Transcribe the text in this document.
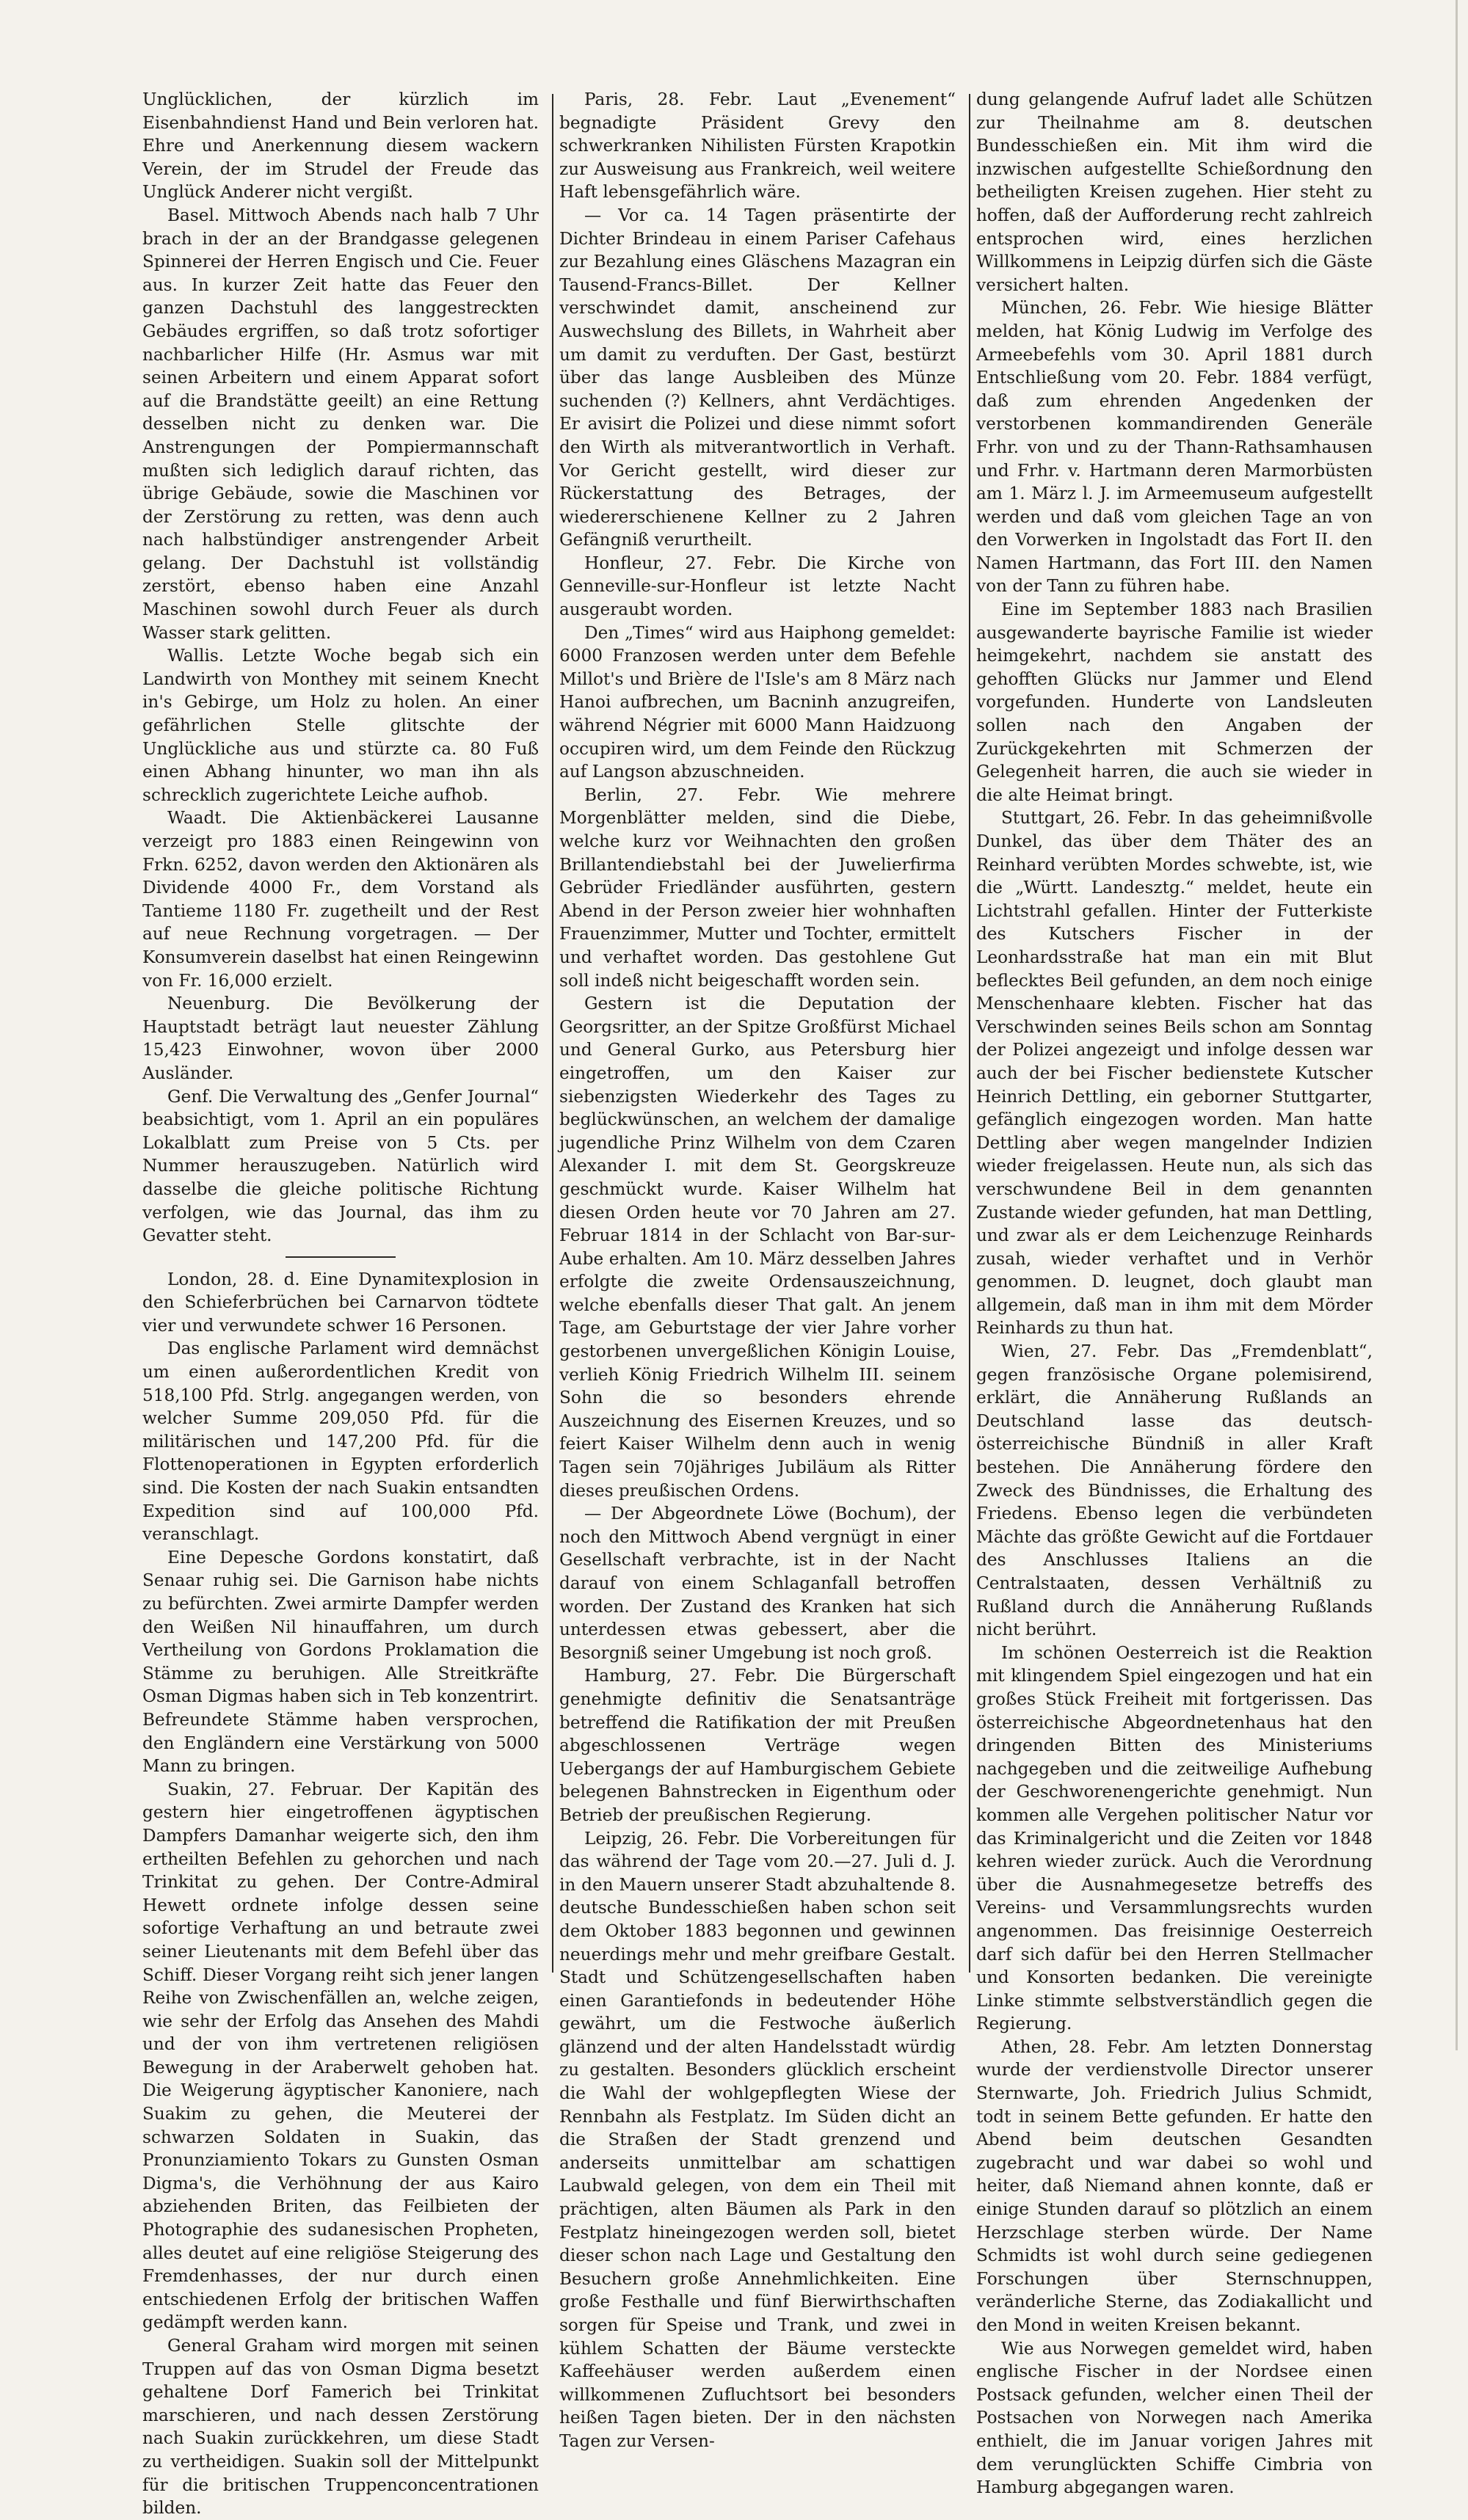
Unglücklichen, der kürzlich im Eisenbahndienst Hand und Bein verloren hat. Ehre und Anerkennung diesem wackern Verein, der im Strudel der Freude das Unglück Anderer nicht vergißt.

Basel. Mittwoch Abends nach halb 7 Uhr brach in der an der Brandgasse gelegenen Spinnerei der Herren Engisch und Cie. Feuer aus. In kurzer Zeit hatte das Feuer den ganzen Dachstuhl des langgestreckten Gebäudes ergriffen, so daß trotz sofortiger nachbarlicher Hilfe (Hr. Asmus war mit seinen Arbeitern und einem Apparat sofort auf die Brandstätte geeilt) an eine Rettung desselben nicht zu denken war. Die Anstrengungen der Pompiermannschaft mußten sich lediglich darauf richten, das übrige Gebäude, sowie die Maschinen vor der Zerstörung zu retten, was denn auch nach halbstündiger anstrengender Arbeit gelang. Der Dachstuhl ist vollständig zerstört, ebenso haben eine Anzahl Maschinen sowohl durch Feuer als durch Wasser stark gelitten.

Wallis. Letzte Woche begab sich ein Landwirth von Monthey mit seinem Knecht in's Gebirge, um Holz zu holen. An einer gefährlichen Stelle glitschte der Unglückliche aus und stürzte ca. 80 Fuß einen Abhang hinunter, wo man ihn als schrecklich zugerichtete Leiche aufhob.

Waadt. Die Aktienbäckerei Lausanne verzeigt pro 1883 einen Reingewinn von Frkn. 6252, davon werden den Aktionären als Dividende 4000 Fr., dem Vorstand als Tantieme 1180 Fr. zugetheilt und der Rest auf neue Rechnung vorgetragen. — Der Konsumverein daselbst hat einen Reingewinn von Fr. 16,000 erzielt.

Neuenburg. Die Bevölkerung der Hauptstadt beträgt laut neuester Zählung 15,423 Einwohner, wovon über 2000 Ausländer.

Genf. Die Verwaltung des „Genfer Journal“ beabsichtigt, vom 1. April an ein populäres Lokalblatt zum Preise von 5 Cts. per Nummer herauszugeben. Natürlich wird dasselbe die gleiche politische Richtung verfolgen, wie das Journal, das ihm zu Gevatter steht.

London, 28. d. Eine Dynamitexplosion in den Schieferbrüchen bei Carnarvon tödtete vier und verwundete schwer 16 Personen.

Das englische Parlament wird demnächst um einen außerordentlichen Kredit von 518,100 Pfd. Strlg. angegangen werden, von welcher Summe 209,050 Pfd. für die militärischen und 147,200 Pfd. für die Flottenoperationen in Egypten erforderlich sind. Die Kosten der nach Suakin entsandten Expedition sind auf 100,000 Pfd. veranschlagt.

Eine Depesche Gordons konstatirt, daß Senaar ruhig sei. Die Garnison habe nichts zu befürchten. Zwei armirte Dampfer werden den Weißen Nil hinauffahren, um durch Vertheilung von Gordons Proklamation die Stämme zu beruhigen. Alle Streitkräfte Osman Digmas haben sich in Teb konzentrirt. Befreundete Stämme haben versprochen, den Engländern eine Verstärkung von 5000 Mann zu bringen.

Suakin, 27. Februar. Der Kapitän des gestern hier eingetroffenen ägyptischen Dampfers Damanhar weigerte sich, den ihm ertheilten Befehlen zu gehorchen und nach Trinkitat zu gehen. Der Contre-Admiral Hewett ordnete infolge dessen seine sofortige Verhaftung an und betraute zwei seiner Lieutenants mit dem Befehl über das Schiff. Dieser Vorgang reiht sich jener langen Reihe von Zwischenfällen an, welche zeigen, wie sehr der Erfolg das Ansehen des Mahdi und der von ihm vertretenen religiösen Bewegung in der Araberwelt gehoben hat. Die Weigerung ägyptischer Kanoniere, nach Suakim zu gehen, die Meuterei der schwarzen Soldaten in Suakin, das Pronunziamiento Tokars zu Gunsten Osman Digma's, die Verhöhnung der aus Kairo abziehenden Briten, das Feilbieten der Photographie des sudanesischen Propheten, alles deutet auf eine religiöse Steigerung des Fremdenhasses, der nur durch einen entschiedenen Erfolg der britischen Waffen gedämpft werden kann.

General Graham wird morgen mit seinen Truppen auf das von Osman Digma besetzt gehaltene Dorf Famerich bei Trinkitat marschieren, und nach dessen Zerstörung nach Suakin zurückkehren, um diese Stadt zu vertheidigen. Suakin soll der Mittelpunkt für die britischen Truppenconcentrationen bilden.

Paris, 28. Febr. Laut „Evenement“ begnadigte Präsident Grevy den schwerkranken Nihilisten Fürsten Krapotkin zur Ausweisung aus Frankreich, weil weitere Haft lebensgefährlich wäre.

— Vor ca. 14 Tagen präsentirte der Dichter Brindeau in einem Pariser Cafehaus zur Bezahlung eines Gläschens Mazagran ein Tausend-Francs-Billet. Der Kellner verschwindet damit, anscheinend zur Auswechslung des Billets, in Wahrheit aber um damit zu verduften. Der Gast, bestürzt über das lange Ausbleiben des Münze suchenden (?) Kellners, ahnt Verdächtiges. Er avisirt die Polizei und diese nimmt sofort den Wirth als mitverantwortlich in Verhaft. Vor Gericht gestellt, wird dieser zur Rückerstattung des Betrages, der wiedererschienene Kellner zu 2 Jahren Gefängniß verurtheilt.

Honfleur, 27. Febr. Die Kirche von Genneville-sur-Honfleur ist letzte Nacht ausgeraubt worden.

Den „Times“ wird aus Haiphong gemeldet: 6000 Franzosen werden unter dem Befehle Millot's und Brière de l'Isle's am 8 März nach Hanoi aufbrechen, um Bacninh anzugreifen, während Négrier mit 6000 Mann Haidzuong occupiren wird, um dem Feinde den Rückzug auf Langson abzuschneiden.

Berlin, 27. Febr. Wie mehrere Morgenblätter melden, sind die Diebe, welche kurz vor Weihnachten den großen Brillantendiebstahl bei der Juwelierfirma Gebrüder Friedländer ausführten, gestern Abend in der Person zweier hier wohnhaften Frauenzimmer, Mutter und Tochter, ermittelt und verhaftet worden. Das gestohlene Gut soll indeß nicht beigeschafft worden sein.

Gestern ist die Deputation der Georgsritter, an der Spitze Großfürst Michael und General Gurko, aus Petersburg hier eingetroffen, um den Kaiser zur siebenzigsten Wiederkehr des Tages zu beglückwünschen, an welchem der damalige jugendliche Prinz Wilhelm von dem Czaren Alexander I. mit dem St. Georgskreuze geschmückt wurde. Kaiser Wilhelm hat diesen Orden heute vor 70 Jahren am 27. Februar 1814 in der Schlacht von Bar-sur-Aube erhalten. Am 10. März desselben Jahres erfolgte die zweite Ordensauszeichnung, welche ebenfalls dieser That galt. An jenem Tage, am Geburtstage der vier Jahre vorher gestorbenen unvergeßlichen Königin Louise, verlieh König Friedrich Wilhelm III. seinem Sohn die so besonders ehrende Auszeichnung des Eisernen Kreuzes, und so feiert Kaiser Wilhelm denn auch in wenig Tagen sein 70jähriges Jubiläum als Ritter dieses preußischen Ordens.

— Der Abgeordnete Löwe (Bochum), der noch den Mittwoch Abend vergnügt in einer Gesellschaft verbrachte, ist in der Nacht darauf von einem Schlaganfall betroffen worden. Der Zustand des Kranken hat sich unterdessen etwas gebessert, aber die Besorgniß seiner Umgebung ist noch groß.

Hamburg, 27. Febr. Die Bürgerschaft genehmigte definitiv die Senatsanträge betreffend die Ratifikation der mit Preußen abgeschlossenen Verträge wegen Uebergangs der auf Hamburgischem Gebiete belegenen Bahnstrecken in Eigenthum oder Betrieb der preußischen Regierung.

Leipzig, 26. Febr. Die Vorbereitungen für das während der Tage vom 20.—27. Juli d. J. in den Mauern unserer Stadt abzuhaltende 8. deutsche Bundesschießen haben schon seit dem Oktober 1883 begonnen und gewinnen neuerdings mehr und mehr greifbare Gestalt. Stadt und Schützengesellschaften haben einen Garantiefonds in bedeutender Höhe gewährt, um die Festwoche äußerlich glänzend und der alten Handelsstadt würdig zu gestalten. Besonders glücklich erscheint die Wahl der wohlgepflegten Wiese der Rennbahn als Festplatz. Im Süden dicht an die Straßen der Stadt grenzend und anderseits unmittelbar am schattigen Laubwald gelegen, von dem ein Theil mit prächtigen, alten Bäumen als Park in den Festplatz hineingezogen werden soll, bietet dieser schon nach Lage und Gestaltung den Besuchern große Annehmlichkeiten. Eine große Festhalle und fünf Bierwirthschaften sorgen für Speise und Trank, und zwei in kühlem Schatten der Bäume versteckte Kaffeehäuser werden außerdem einen willkommenen Zufluchtsort bei besonders heißen Tagen bieten. Der in den nächsten Tagen zur Versen-

dung gelangende Aufruf ladet alle Schützen zur Theilnahme am 8. deutschen Bundesschießen ein. Mit ihm wird die inzwischen aufgestellte Schießordnung den betheiligten Kreisen zugehen. Hier steht zu hoffen, daß der Aufforderung recht zahlreich entsprochen wird, eines herzlichen Willkommens in Leipzig dürfen sich die Gäste versichert halten.

München, 26. Febr. Wie hiesige Blätter melden, hat König Ludwig im Verfolge des Armeebefehls vom 30. April 1881 durch Entschließung vom 20. Febr. 1884 verfügt, daß zum ehrenden Angedenken der verstorbenen kommandirenden Generäle Frhr. von und zu der Thann-Rathsamhausen und Frhr. v. Hartmann deren Marmorbüsten am 1. März l. J. im Armeemuseum aufgestellt werden und daß vom gleichen Tage an von den Vorwerken in Ingolstadt das Fort II. den Namen Hartmann, das Fort III. den Namen von der Tann zu führen habe.

Eine im September 1883 nach Brasilien ausgewanderte bayrische Familie ist wieder heimgekehrt, nachdem sie anstatt des gehofften Glücks nur Jammer und Elend vorgefunden. Hunderte von Landsleuten sollen nach den Angaben der Zurückgekehrten mit Schmerzen der Gelegenheit harren, die auch sie wieder in die alte Heimat bringt.

Stuttgart, 26. Febr. In das geheimnißvolle Dunkel, das über dem Thäter des an Reinhard verübten Mordes schwebte, ist, wie die „Württ. Landesztg.“ meldet, heute ein Lichtstrahl gefallen. Hinter der Futterkiste des Kutschers Fischer in der Leonhardsstraße hat man ein mit Blut beflecktes Beil gefunden, an dem noch einige Menschenhaare klebten. Fischer hat das Verschwinden seines Beils schon am Sonntag der Polizei angezeigt und infolge dessen war auch der bei Fischer bedienstete Kutscher Heinrich Dettling, ein geborner Stuttgarter, gefänglich eingezogen worden. Man hatte Dettling aber wegen mangelnder Indizien wieder freigelassen. Heute nun, als sich das verschwundene Beil in dem genannten Zustande wieder gefunden, hat man Dettling, und zwar als er dem Leichenzuge Reinhards zusah, wieder verhaftet und in Verhör genommen. D. leugnet, doch glaubt man allgemein, daß man in ihm mit dem Mörder Reinhards zu thun hat.

Wien, 27. Febr. Das „Fremdenblatt“, gegen französische Organe polemisirend, erklärt, die Annäherung Rußlands an Deutschland lasse das deutsch-österreichische Bündniß in aller Kraft bestehen. Die Annäherung fördere den Zweck des Bündnisses, die Erhaltung des Friedens. Ebenso legen die verbündeten Mächte das größte Gewicht auf die Fortdauer des Anschlusses Italiens an die Centralstaaten, dessen Verhältniß zu Rußland durch die Annäherung Rußlands nicht berührt.

Im schönen Oesterreich ist die Reaktion mit klingendem Spiel eingezogen und hat ein großes Stück Freiheit mit fortgerissen. Das österreichische Abgeordnetenhaus hat den dringenden Bitten des Ministeriums nachgegeben und die zeitweilige Aufhebung der Geschworenengerichte genehmigt. Nun kommen alle Vergehen politischer Natur vor das Kriminalgericht und die Zeiten vor 1848 kehren wieder zurück. Auch die Verordnung über die Ausnahmegesetze betreffs des Vereins- und Versammlungsrechts wurden angenommen. Das freisinnige Oesterreich darf sich dafür bei den Herren Stellmacher und Konsorten bedanken. Die vereinigte Linke stimmte selbstverständlich gegen die Regierung.

Athen, 28. Febr. Am letzten Donnerstag wurde der verdienstvolle Director unserer Sternwarte, Joh. Friedrich Julius Schmidt, todt in seinem Bette gefunden. Er hatte den Abend beim deutschen Gesandten zugebracht und war dabei so wohl und heiter, daß Niemand ahnen konnte, daß er einige Stunden darauf so plötzlich an einem Herzschlage sterben würde. Der Name Schmidts ist wohl durch seine gediegenen Forschungen über Sternschnuppen, veränderliche Sterne, das Zodiakallicht und den Mond in weiten Kreisen bekannt.

Wie aus Norwegen gemeldet wird, haben englische Fischer in der Nordsee einen Postsack gefunden, welcher einen Theil der Postsachen von Norwegen nach Amerika enthielt, die im Januar vorigen Jahres mit dem verunglückten Schiffe Cimbria von Hamburg abgegangen waren.
